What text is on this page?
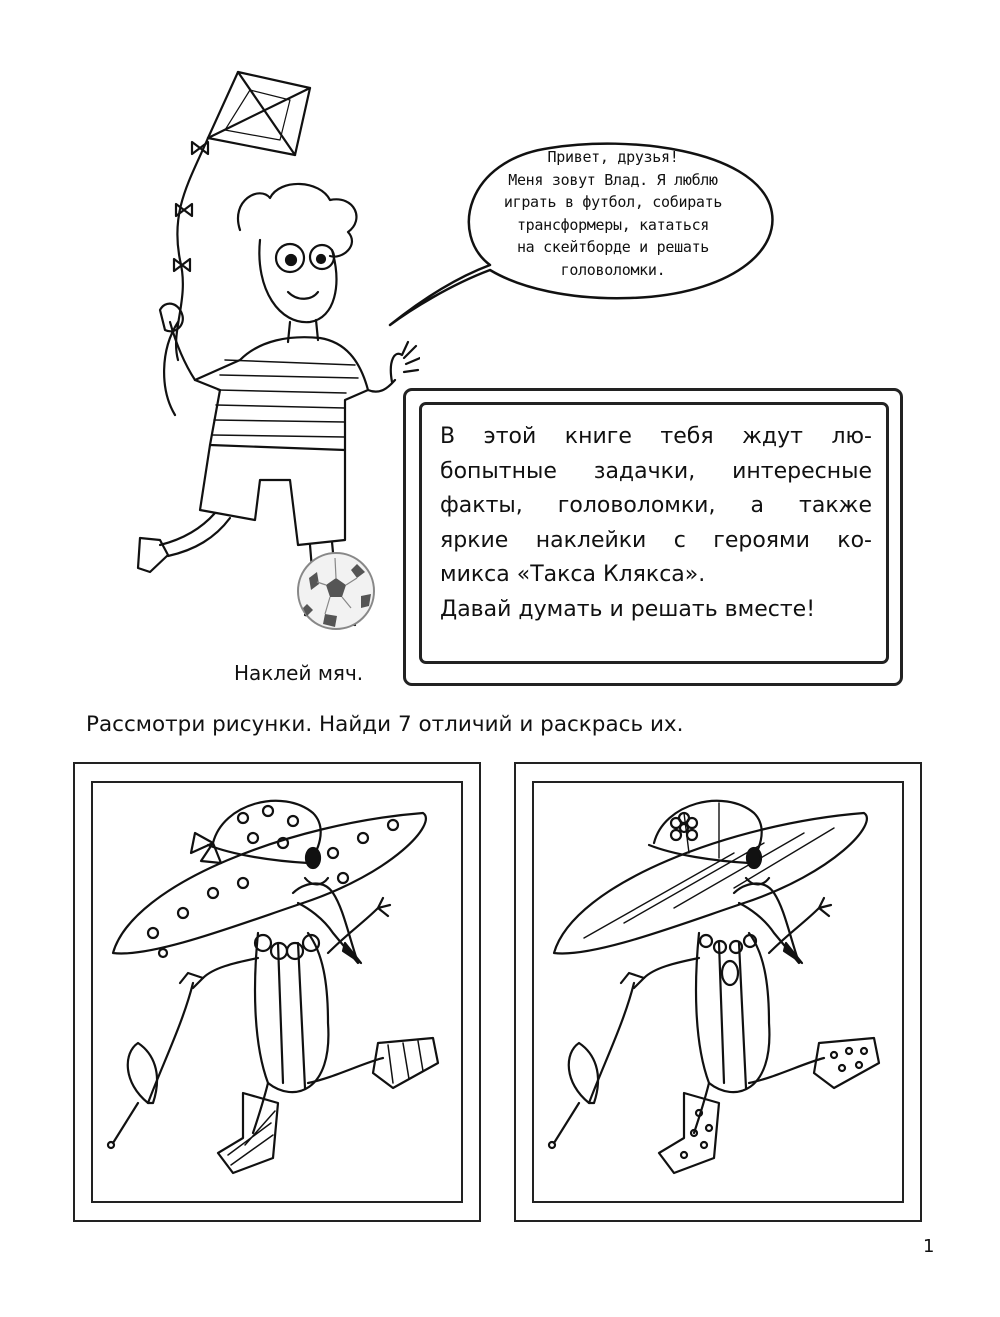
Привет, друзья!
Меня зовут Влад. Я люблю
играть в футбол, собирать
трансформеры, кататься
на скейтборде и решать
головоломки.
В этой книге тебя ждут лю-
бопытные задачки, интересные
факты, головоломки, а также
яркие наклейки с героями ко-
микса «Такса Клякса».
Давай думать и решать вместе!
Наклей мяч.
Рассмотри рисунки. Найди 7 отличий и раскрась их.
1
